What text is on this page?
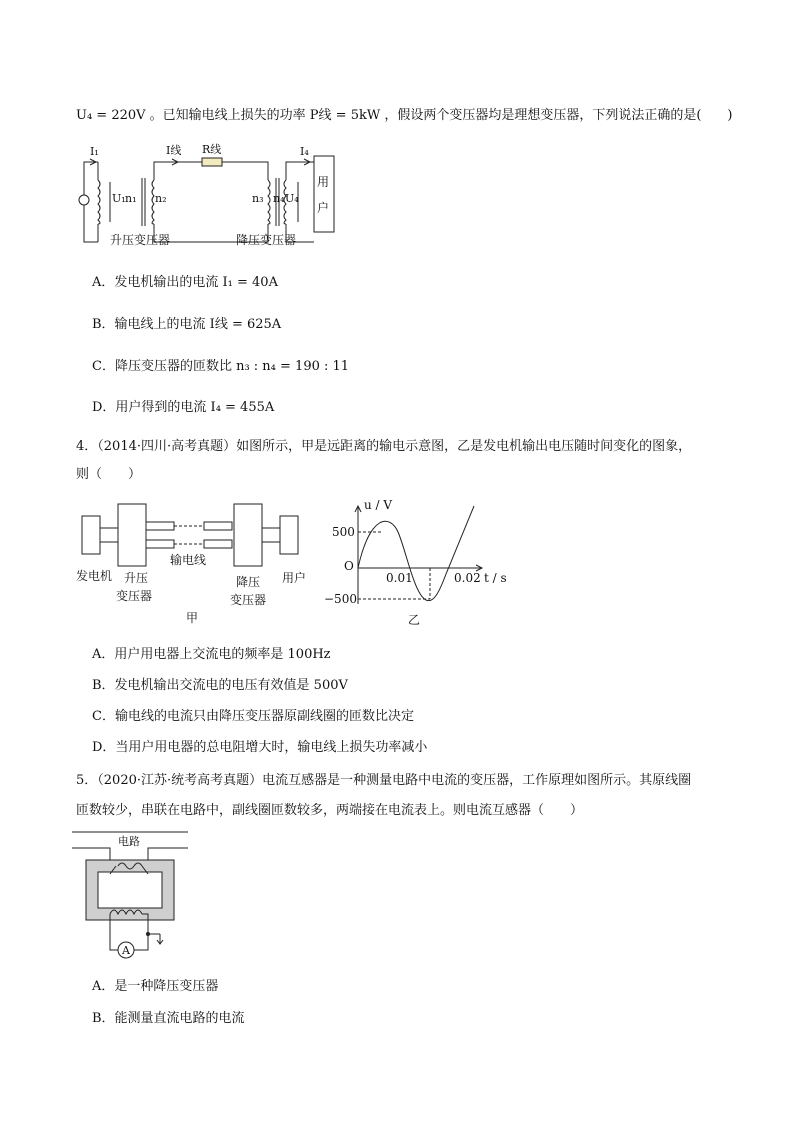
U₄ = 220V 。已知输电线上损失的功率 P线 = 5kW ，假设两个变压器均是理想变压器，下列说法正确的是(　　)
I₁	I线 R线	I₄
U₁ n₁ n₂	n₃ n₄ U₄
用
户
升压变压器	降压变压器
A．发电机输出的电流 I₁ = 40A
B．输电线上的电流 I线 = 625A
C．降压变压器的匝数比 n₃ : n₄ = 190 : 11
D．用户得到的电流 I₄ = 455A
4．（2014·四川·高考真题）如图所示，甲是远距离的输电示意图，乙是发电机输出电压随时间变化的图象，
则（　　）
输电线
发电机 升压
变压器
降压
变压器
用户
甲
u / V
500
−500
O
0.01	0.02 t / s
乙
A．用户用电器上交流电的频率是 100Hz
B．发电机输出交流电的电压有效值是 500V
C．输电线的电流只由降压变压器原副线圈的匝数比决定
D．当用户用电器的总电阻增大时，输电线上损失功率减小
5．（2020·江苏·统考高考真题）电流互感器是一种测量电路中电流的变压器，工作原理如图所示。其原线圈
匝数较少，串联在电路中，副线圈匝数较多，两端接在电流表上。则电流互感器（　　）
电路
A
A．是一种降压变压器
B．能测量直流电路的电流
